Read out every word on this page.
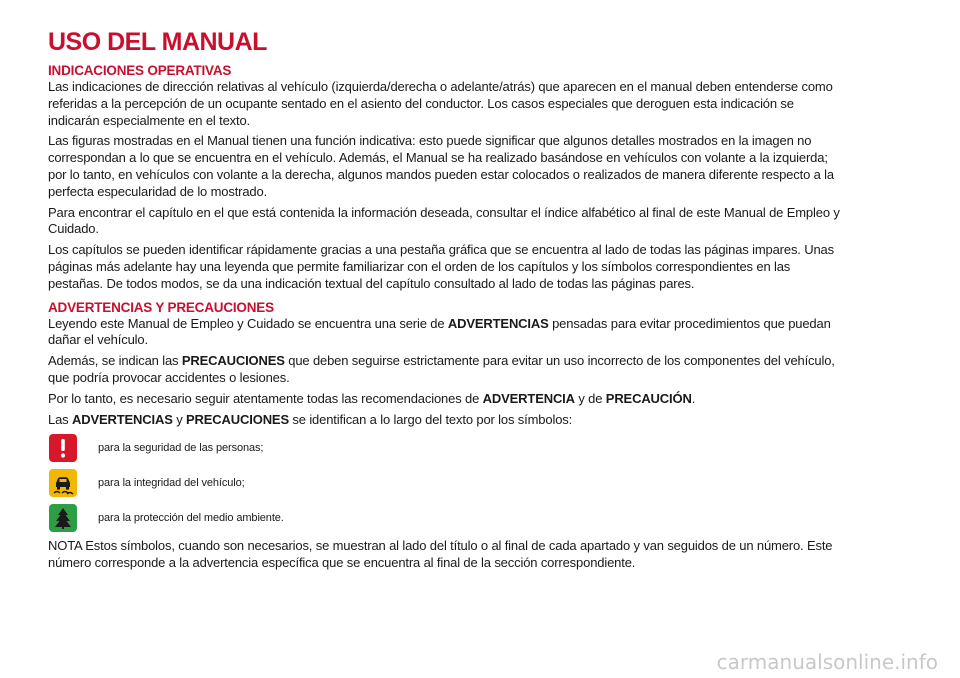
USO DEL MANUAL
INDICACIONES OPERATIVAS

Las indicaciones de dirección relativas al vehículo (izquierda/derecha o adelante/atrás) que aparecen en el manual deben entenderse como referidas a la percepción de un ocupante sentado en el asiento del conductor. Los casos especiales que deroguen esta indicación se indicarán especialmente en el texto.

Las figuras mostradas en el Manual tienen una función indicativa: esto puede significar que algunos detalles mostrados en la imagen no correspondan a lo que se encuentra en el vehículo. Además, el Manual se ha realizado basándose en vehículos con volante a la izquierda; por lo tanto, en vehículos con volante a la derecha, algunos mandos pueden estar colocados o realizados de manera diferente respecto a la perfecta especularidad de lo mostrado.

Para encontrar el capítulo en el que está contenida la información deseada, consultar el índice alfabético al final de este Manual de Empleo y Cuidado.

Los capítulos se pueden identificar rápidamente gracias a una pestaña gráfica que se encuentra al lado de todas las páginas impares. Unas páginas más adelante hay una leyenda que permite familiarizar con el orden de los capítulos y los símbolos correspondientes en las pestañas. De todos modos, se da una indicación textual del capítulo consultado al lado de todas las páginas pares.

ADVERTENCIAS Y PRECAUCIONES

Leyendo este Manual de Empleo y Cuidado se encuentra una serie de ADVERTENCIAS pensadas para evitar procedimientos que puedan dañar el vehículo.

Además, se indican las PRECAUCIONES que deben seguirse estrictamente para evitar un uso incorrecto de los componentes del vehículo, que podría provocar accidentes o lesiones.

Por lo tanto, es necesario seguir atentamente todas las recomendaciones de ADVERTENCIA y de PRECAUCIÓN.

Las ADVERTENCIAS y PRECAUCIONES se identifican a lo largo del texto por los símbolos:

para la seguridad de las personas;
para la integridad del vehículo;
para la protección del medio ambiente.

NOTA Estos símbolos, cuando son necesarios, se muestran al lado del título o al final de cada apartado y van seguidos de un número. Este número corresponde a la advertencia específica que se encuentra al final de la sección correspondiente.

carmanualsonline.info
